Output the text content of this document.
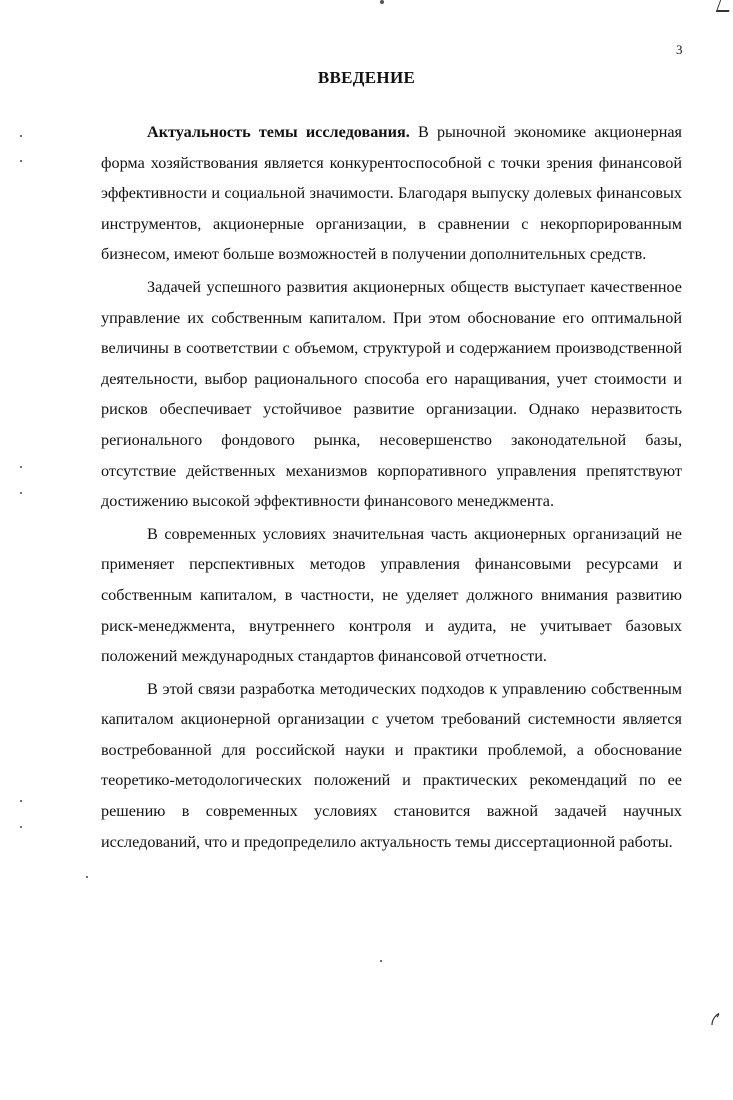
3
ВВЕДЕНИЕ

Актуальность темы исследования. В рыночной экономике акционерная форма хозяйствования является конкурентоспособной с точки зрения финансовой эффективности и социальной значимости. Благодаря выпуску долевых финансовых инструментов, акционерные организации, в сравнении с некорпорированным бизнесом, имеют больше возможностей в получении дополнительных средств.

Задачей успешного развития акционерных обществ выступает качественное управление их собственным капиталом. При этом обоснование его оптимальной величины в соответствии с объемом, структурой и содержанием производственной деятельности, выбор рационального способа его наращивания, учет стоимости и рисков обеспечивает устойчивое развитие организации. Однако неразвитость регионального фондового рынка, несовершенство законодательной базы, отсутствие действенных механизмов корпоративного управления препятствуют достижению высокой эффективности финансового менеджмента.

В современных условиях значительная часть акционерных организаций не применяет перспективных методов управления финансовыми ресурсами и собственным капиталом, в частности, не уделяет должного внимания развитию риск-менеджмента, внутреннего контроля и аудита, не учитывает базовых положений международных стандартов финансовой отчетности.

В этой связи разработка методических подходов к управлению собственным капиталом акционерной организации с учетом требований системности является востребованной для российской науки и практики проблемой, а обоснование теоретико-методологических положений и практических рекомендаций по ее решению в современных условиях становится важной задачей научных исследований, что и предопределило актуальность темы диссертационной работы.
